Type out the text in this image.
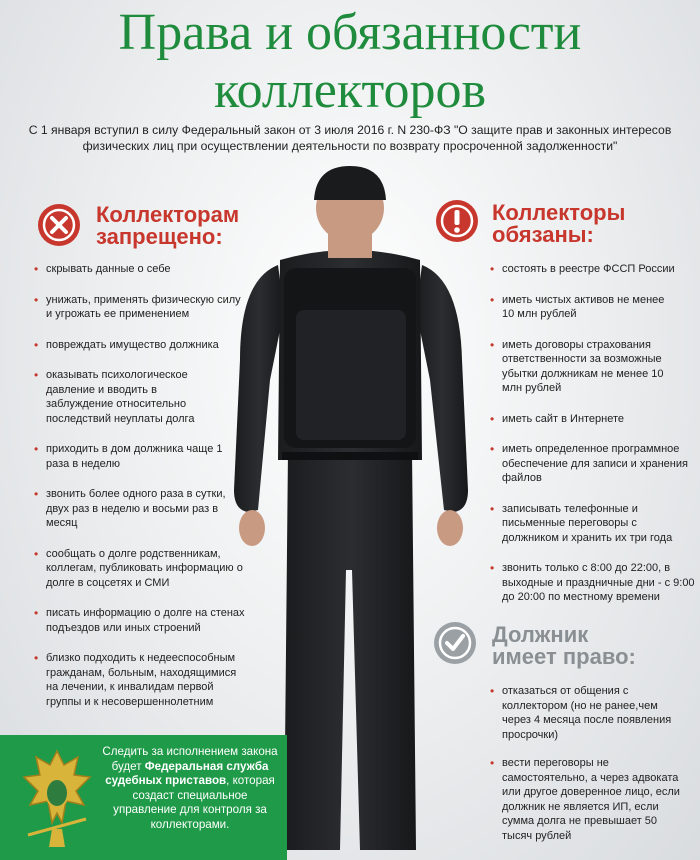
Права и обязанности
коллекторов
С 1 января вступил в силу Федеральный закон от 3 июля 2016 г. N 230-ФЗ "О защите прав и законных интересов
физических лиц при осуществлении деятельности по возврату просроченной задолженности"
Коллекторам
запрещено:
• скрывать данные о себе
• унижать, применять физическую силу и угрожать ее применением
• повреждать имущество должника
• оказывать психологическое давление и вводить в заблуждение относительно последствий неуплаты долга
• приходить в дом должника чаще 1 раза в неделю
• звонить более одного раза в сутки, двух раз в неделю и восьми раз в месяц
• сообщать о долге родственникам, коллегам, публиковать информацию о долге в соцсетях и СМИ
• писать информацию о долге на стенах подъездов или иных строений
• близко подходить к недееспособным гражданам, больным, находящимися на лечении, к инвалидам первой группы и к несовершеннолетним
Коллекторы
обязаны:
• состоять в реестре ФССП России
• иметь чистых активов не менее 10 млн рублей
• иметь договоры страхования ответственности за возможные убытки должникам не менее 10 млн рублей
• иметь сайт в Интернете
• иметь определенное программное обеспечение для записи и хранения файлов
• записывать телефонные и письменные переговоры с должником и хранить их три года
• звонить только с 8:00 до 22:00, в выходные и праздничные дни - с 9:00 до 20:00 по местному времени
Должник
имеет право:
• отказаться от общения с коллектором (но не ранее,чем через 4 месяца после появления просрочки)
• вести переговоры не самостоятельно, а через адвоката или другое доверенное лицо, если должник не является ИП, если сумма долга не превышает 50 тысяч рублей
Следить за исполнением закона будет Федеральная служба судебных приставов, которая создаст специальное управление для контроля за коллекторами.
